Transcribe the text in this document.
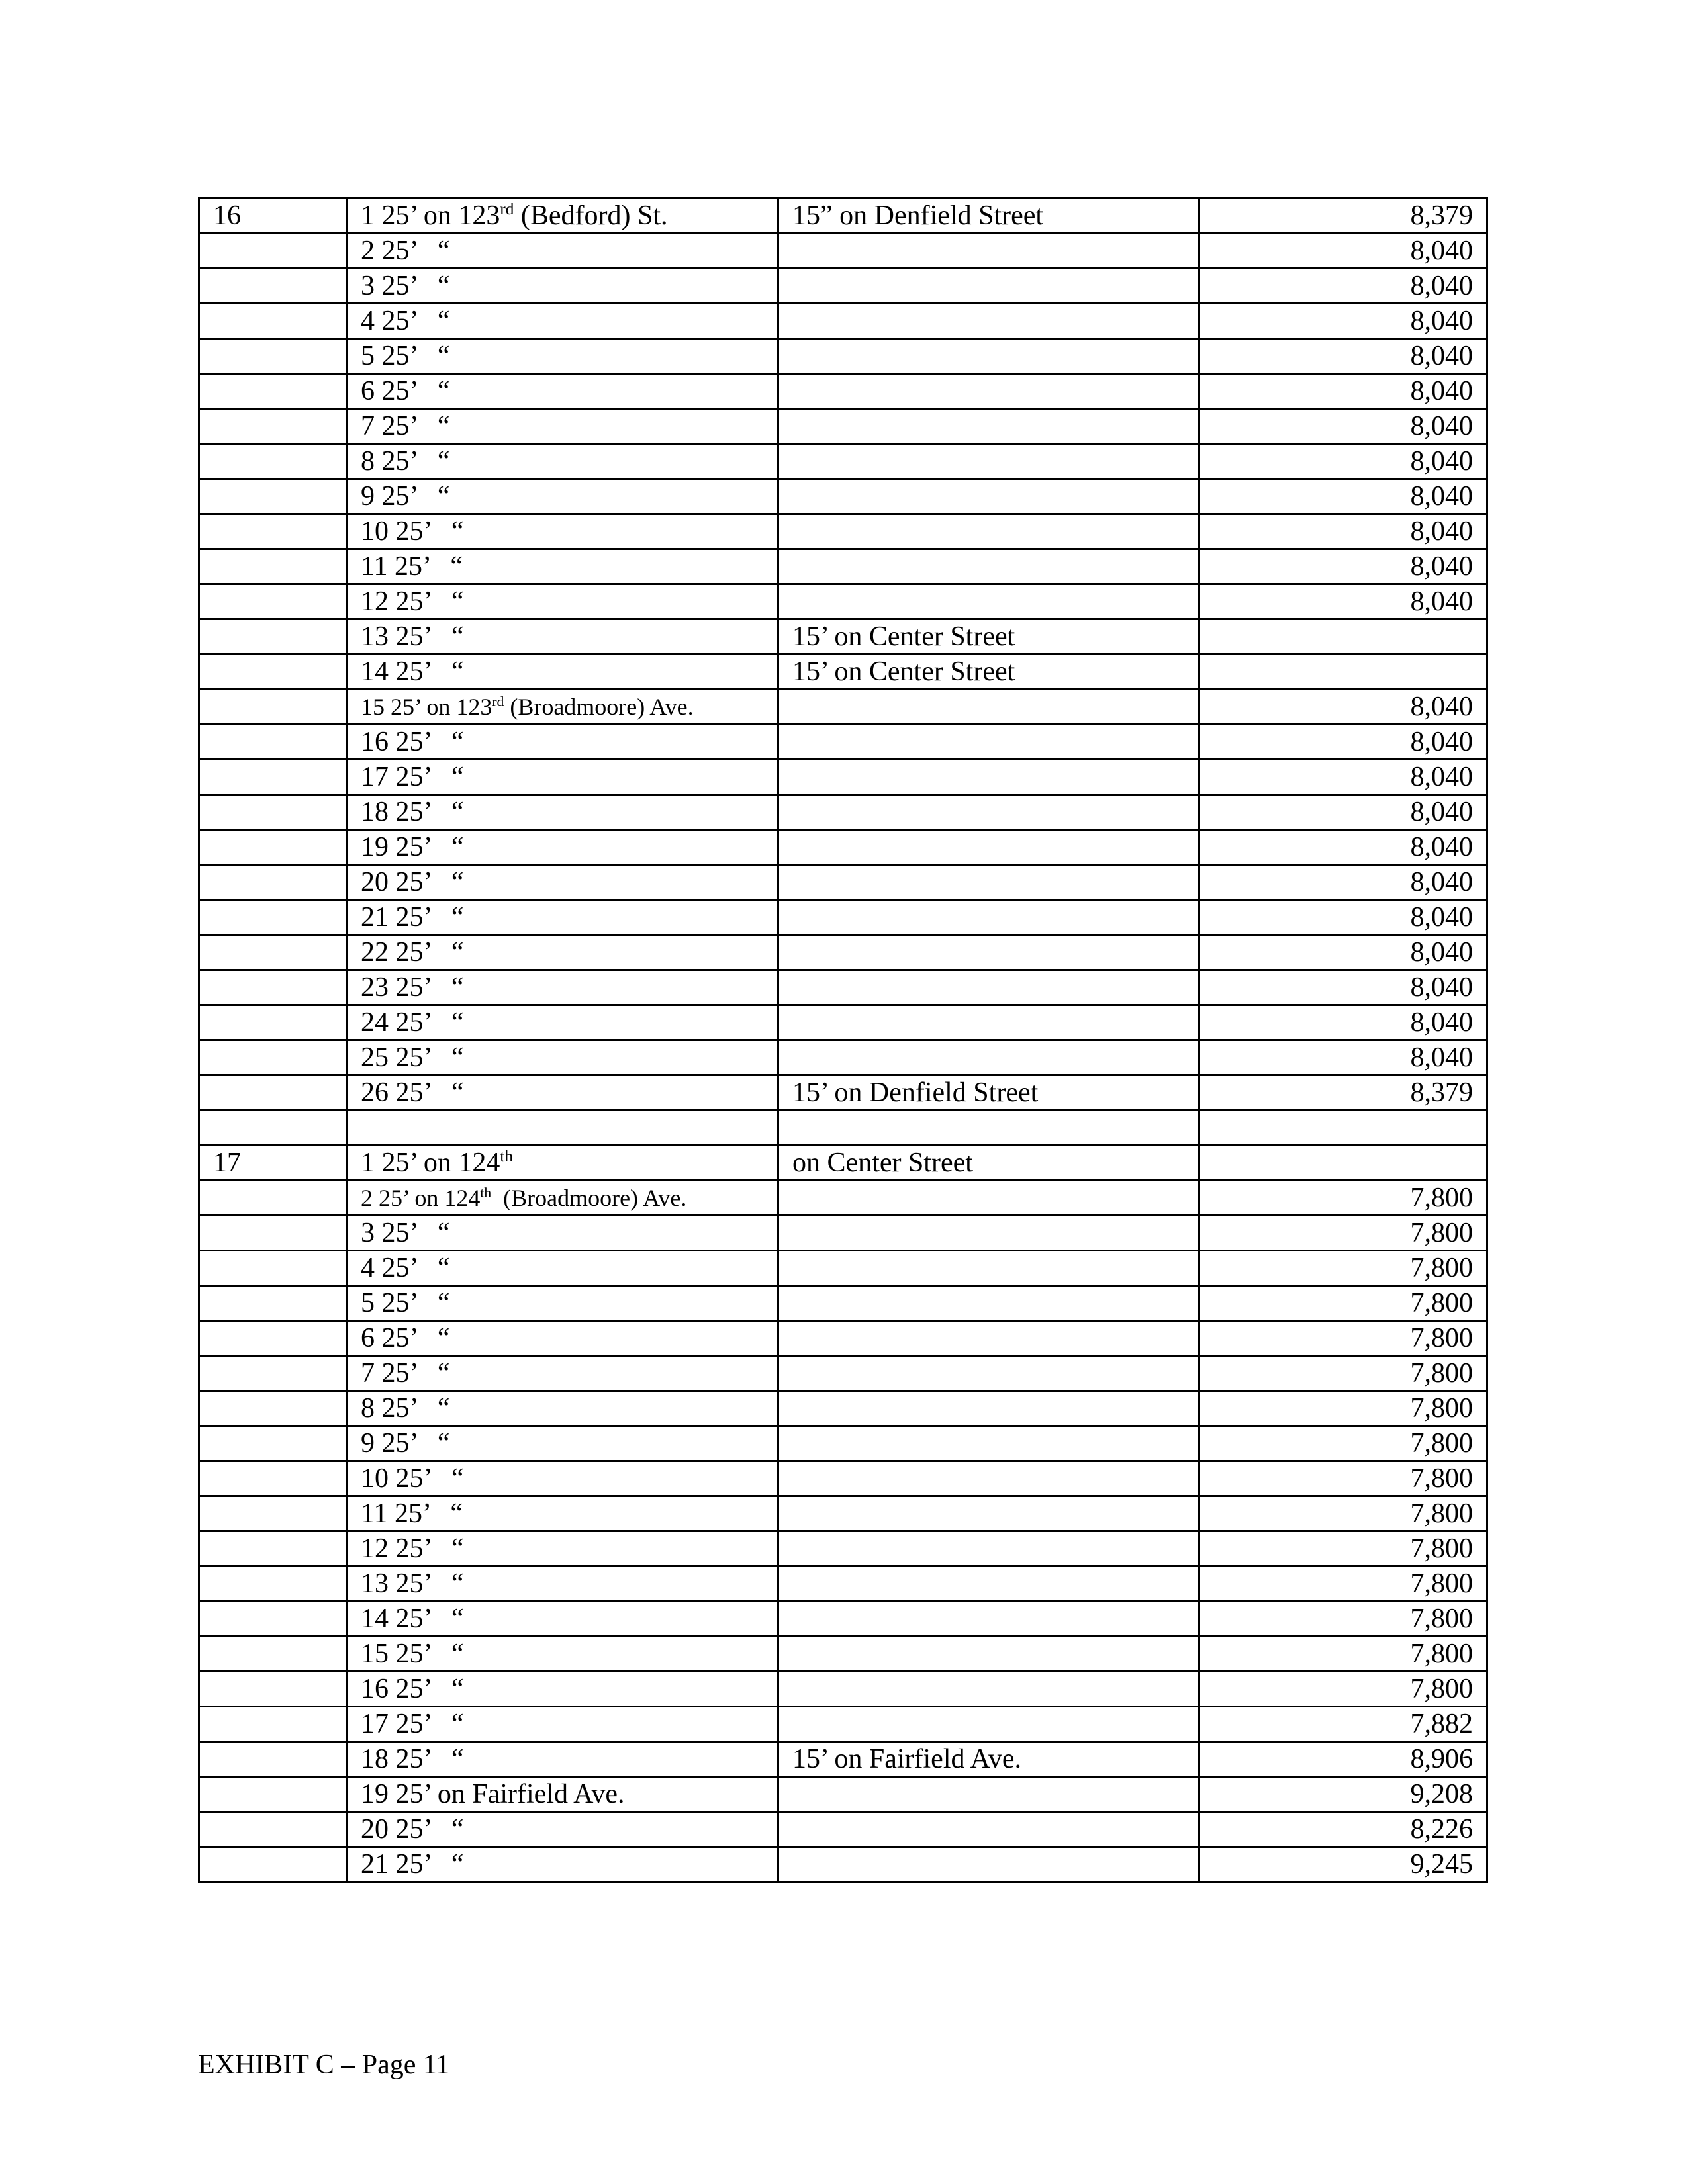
16	1 25’ on 123rd (Bedford) St.	15” on Denfield Street	8,379
	2 25’   “		8,040
	3 25’   “		8,040
	4 25’   “		8,040
	5 25’   “		8,040
	6 25’   “		8,040
	7 25’   “		8,040
	8 25’   “		8,040
	9 25’   “		8,040
	10 25’   “		8,040
	11 25’   “		8,040
	12 25’   “		8,040
	13 25’   “	15’ on Center Street	
	14 25’   “	15’ on Center Street	
	15 25’ on 123rd (Broadmoore) Ave.		8,040
	16 25’   “		8,040
	17 25’   “		8,040
	18 25’   “		8,040
	19 25’   “		8,040
	20 25’   “		8,040
	21 25’   “		8,040
	22 25’   “		8,040
	23 25’   “		8,040
	24 25’   “		8,040
	25 25’   “		8,040
	26 25’   “	15’ on Denfield Street	8,379

17	1 25’ on 124th	on Center Street	
	2 25’ on 124th  (Broadmoore) Ave.		7,800
	3 25’   “		7,800
	4 25’   “		7,800
	5 25’   “		7,800
	6 25’   “		7,800
	7 25’   “		7,800
	8 25’   “		7,800
	9 25’   “		7,800
	10 25’   “		7,800
	11 25’   “		7,800
	12 25’   “		7,800
	13 25’   “		7,800
	14 25’   “		7,800
	15 25’   “		7,800
	16 25’   “		7,800
	17 25’   “		7,882
	18 25’   “	15’ on Fairfield Ave.	8,906
	19 25’ on Fairfield Ave.		9,208
	20 25’   “		8,226
	21 25’   “		9,245
EXHIBIT C – Page 11
